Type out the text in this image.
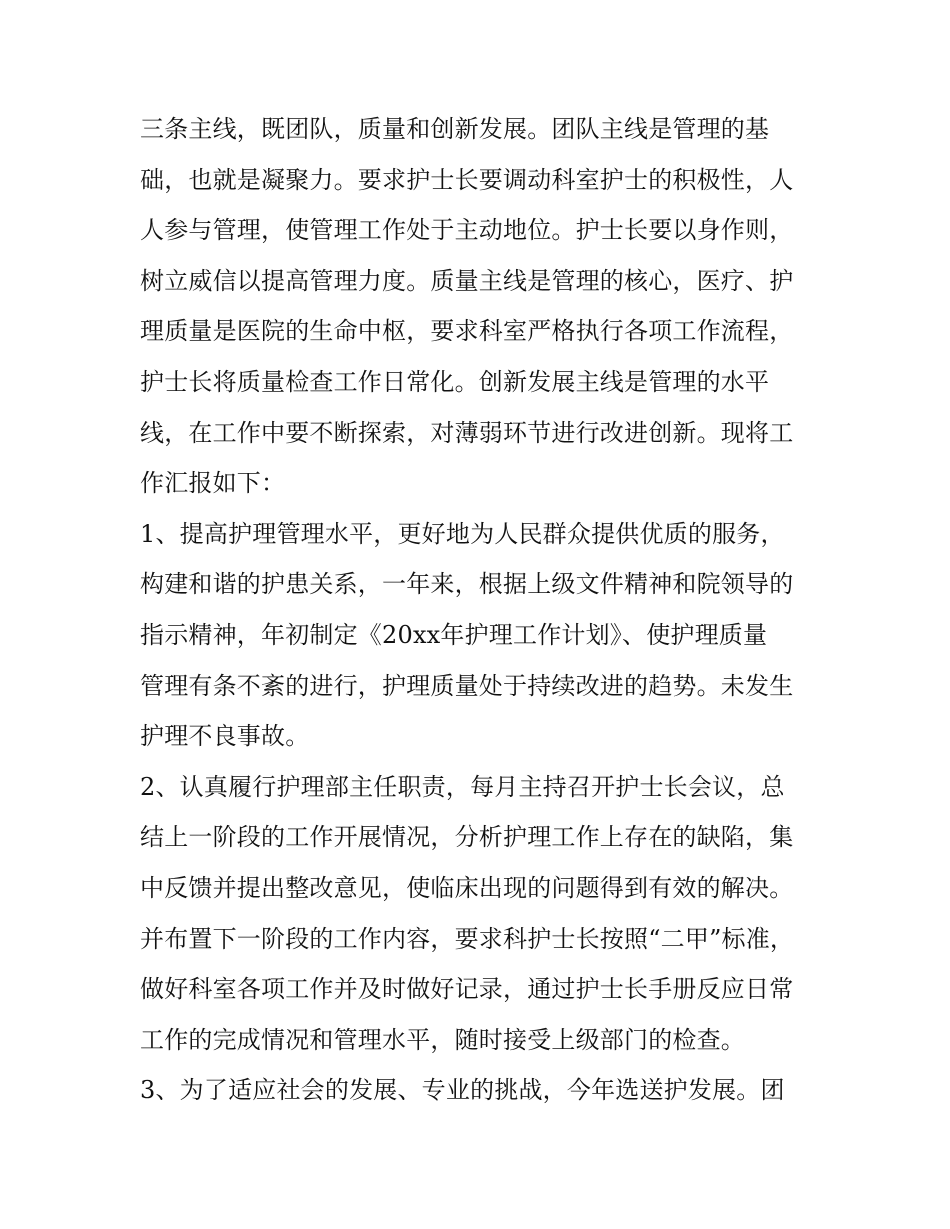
三条主线，既团队，质量和创新发展。团队主线是管理的基
础，也就是凝聚力。要求护士长要调动科室护士的积极性，人
人参与管理，使管理工作处于主动地位。护士长要以身作则，
树立威信以提高管理力度。质量主线是管理的核心，医疗、护
理质量是医院的生命中枢，要求科室严格执行各项工作流程，
护士长将质量检查工作日常化。创新发展主线是管理的水平
线，在工作中要不断探索，对薄弱环节进行改进创新。现将工
作汇报如下：
1、提高护理管理水平，更好地为人民群众提供优质的服务，
构建和谐的护患关系，一年来，根据上级文件精神和院领导的
指示精神，年初制定《20xx年护理工作计划》、使护理质量
管理有条不紊的进行，护理质量处于持续改进的趋势。未发生
护理不良事故。
2、认真履行护理部主任职责，每月主持召开护士长会议，总
结上一阶段的工作开展情况，分析护理工作上存在的缺陷，集
中反馈并提出整改意见，使临床出现的问题得到有效的解决。
并布置下一阶段的工作内容，要求科护士长按照“二甲”标准，
做好科室各项工作并及时做好记录，通过护士长手册反应日常
工作的完成情况和管理水平，随时接受上级部门的检查。
3、为了适应社会的发展、专业的挑战，今年选送护发展。团
